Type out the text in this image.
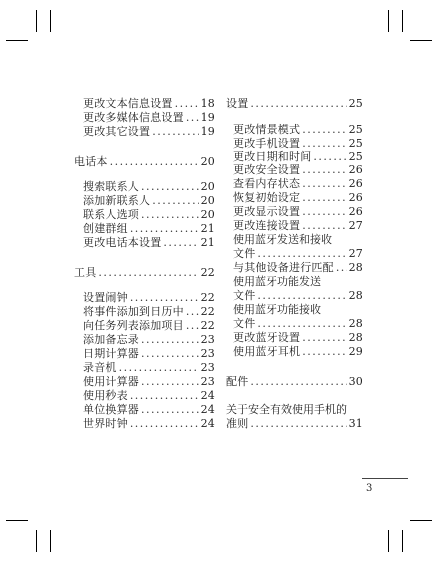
更改文本信息设置 .....	18
更改多媒体信息设置 ..... 19
更改其它设置 .....	19
电话本 .....	20
搜索联系人 .....	20
添加新联系人 .....	20
联系人选项 .....	20
创建群组 .....	21
更改电话本设置 .....	21
工具 .....	22
设置闹钟 .....	22
将事件添加到日历中 ..... 22
向任务列表添加项目 ..... 22
添加备忘录 .....	23
日期计算器 .....	23
录音机 .....	23
使用计算器 .....	23
使用秒表 .....	24
单位换算器 .....	24
世界时钟 .....	24
设置 .....	25
更改情景模式 .....	25
更改手机设置 .....	25
更改日期和时间 .....	25
更改安全设置 .....	26
查看内存状态 .....	26
恢复初始设定 .....	26
更改显示设置 .....	26
更改连接设置 .....	27
使用蓝牙发送和接收
文件 .....	27
与其他设备进行匹配 ..... 28
使用蓝牙功能发送
文件 .....	28
使用蓝牙功能接收
文件 .....	28
更改蓝牙设置 .....	28
使用蓝牙耳机 .....	29
配件 .....	30
关于安全有效使用手机的
准则 .....	31
3
